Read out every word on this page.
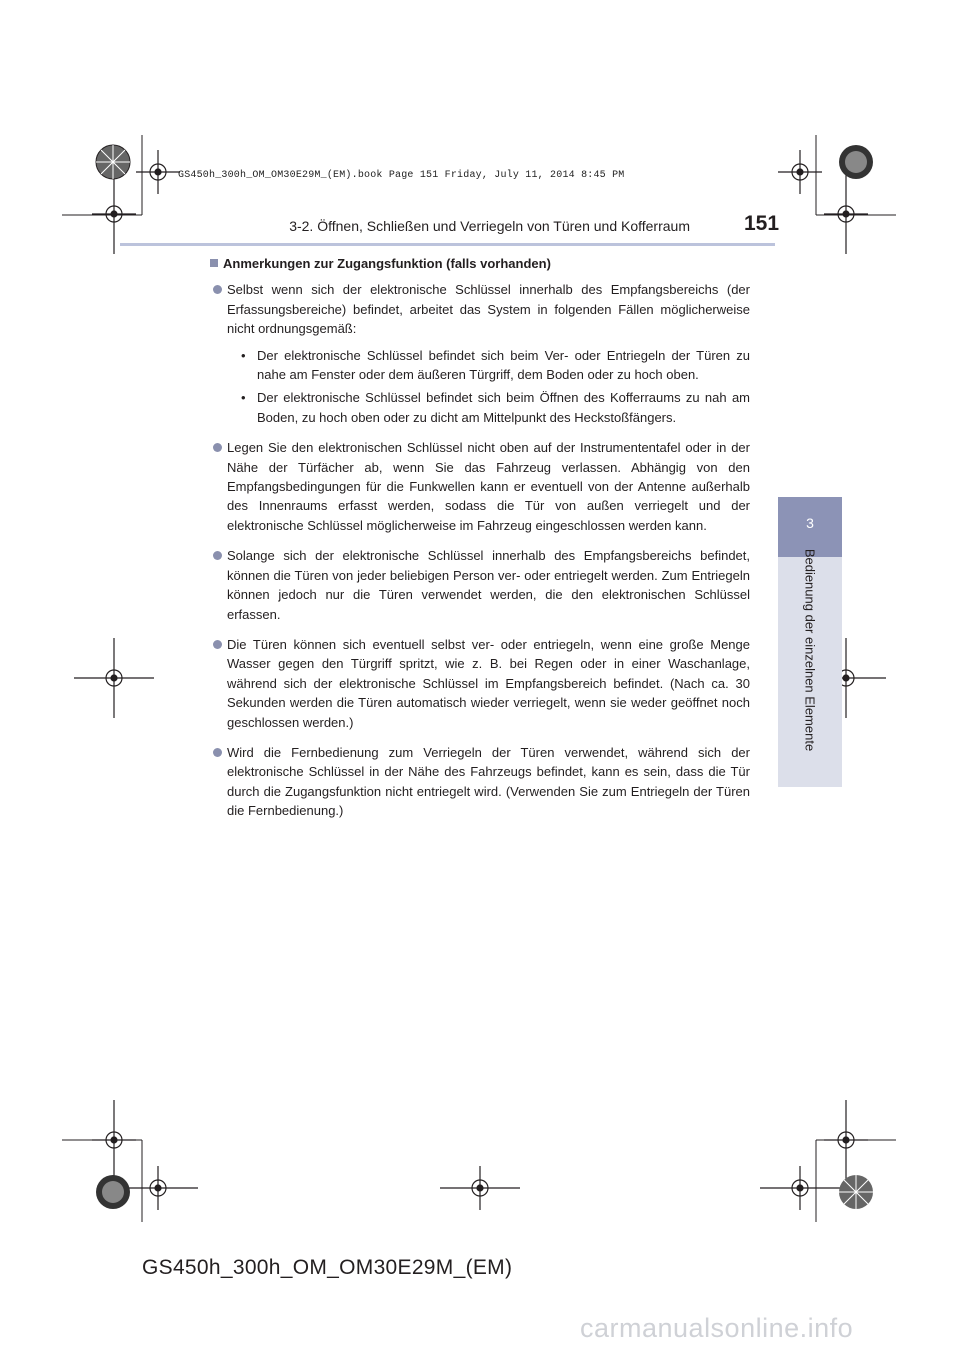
GS450h_300h_OM_OM30E29M_(EM).book Page 151 Friday, July 11, 2014 8:45 PM
3-2. Öffnen, Schließen und Verriegeln von Türen und Kofferraum	151
3
Bedienung der einzelnen Elemente
Anmerkungen zur Zugangsfunktion (falls vorhanden)
Selbst wenn sich der elektronische Schlüssel innerhalb des Empfangsbereichs (der Erfassungsbereiche) befindet, arbeitet das System in folgenden Fällen möglicherweise nicht ordnungsgemäß:
• Der elektronische Schlüssel befindet sich beim Ver- oder Entriegeln der Türen zu nahe am Fenster oder dem äußeren Türgriff, dem Boden oder zu hoch oben.
• Der elektronische Schlüssel befindet sich beim Öffnen des Kofferraums zu nah am Boden, zu hoch oben oder zu dicht am Mittelpunkt des Heckstoßfängers.
Legen Sie den elektronischen Schlüssel nicht oben auf der Instrumententafel oder in der Nähe der Türfächer ab, wenn Sie das Fahrzeug verlassen. Abhängig von den Empfangsbedingungen für die Funkwellen kann er eventuell von der Antenne außerhalb des Innenraums erfasst werden, sodass die Tür von außen verriegelt und der elektronische Schlüssel möglicherweise im Fahrzeug eingeschlossen werden kann.
Solange sich der elektronische Schlüssel innerhalb des Empfangsbereichs befindet, können die Türen von jeder beliebigen Person ver- oder entriegelt werden. Zum Entriegeln können jedoch nur die Türen verwendet werden, die den elektronischen Schlüssel erfassen.
Die Türen können sich eventuell selbst ver- oder entriegeln, wenn eine große Menge Wasser gegen den Türgriff spritzt, wie z. B. bei Regen oder in einer Waschanlage, während sich der elektronische Schlüssel im Empfangsbereich befindet. (Nach ca. 30 Sekunden werden die Türen automatisch wieder verriegelt, wenn sie weder geöffnet noch geschlossen werden.)
Wird die Fernbedienung zum Verriegeln der Türen verwendet, während sich der elektronische Schlüssel in der Nähe des Fahrzeugs befindet, kann es sein, dass die Tür durch die Zugangsfunktion nicht entriegelt wird. (Verwenden Sie zum Entriegeln der Türen die Fernbedienung.)
GS450h_300h_OM_OM30E29M_(EM)
carmanualsonline.info
